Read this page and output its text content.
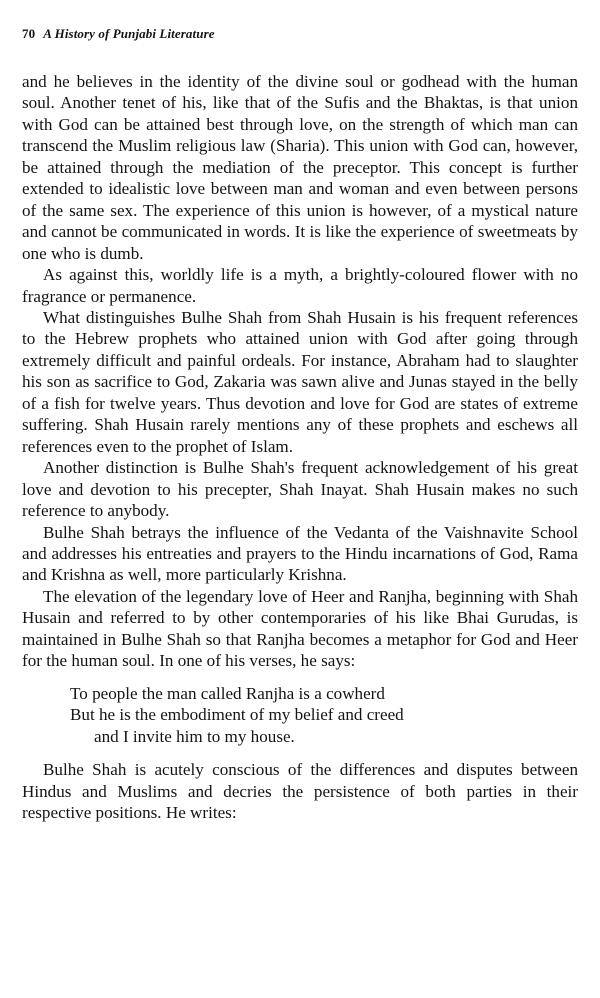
70 A History of Punjabi Literature

and he believes in the identity of the divine soul or godhead with the human soul. Another tenet of his, like that of the Sufis and the Bhaktas, is that union with God can be attained best through love, on the strength of which man can transcend the Muslim religious law (Sharia). This union with God can, however, be attained through the mediation of the preceptor. This concept is further extended to idealistic love between man and woman and even between persons of the same sex. The experience of this union is however, of a mystical nature and cannot be communicated in words. It is like the experience of sweetmeats by one who is dumb.

As against this, worldly life is a myth, a brightly-coloured flower with no fragrance or permanence.

What distinguishes Bulhe Shah from Shah Husain is his frequent references to the Hebrew prophets who attained union with God after going through extremely difficult and painful ordeals. For instance, Abraham had to slaughter his son as sacrifice to God, Zakaria was sawn alive and Junas stayed in the belly of a fish for twelve years. Thus devotion and love for God are states of extreme suffering. Shah Husain rarely mentions any of these prophets and eschews all references even to the prophet of Islam.

Another distinction is Bulhe Shah's frequent acknowledgement of his great love and devotion to his precepter, Shah Inayat. Shah Husain makes no such reference to anybody.

Bulhe Shah betrays the influence of the Vedanta of the Vaishnavite School and addresses his entreaties and prayers to the Hindu incarnations of God, Rama and Krishna as well, more particularly Krishna.

The elevation of the legendary love of Heer and Ranjha, beginning with Shah Husain and referred to by other contemporaries of his like Bhai Gurudas, is maintained in Bulhe Shah so that Ranjha becomes a metaphor for God and Heer for the human soul. In one of his verses, he says:

To people the man called Ranjha is a cowherd
But he is the embodiment of my belief and creed
and I invite him to my house.

Bulhe Shah is acutely conscious of the differences and disputes between Hindus and Muslims and decries the persistence of both parties in their respective positions. He writes:
